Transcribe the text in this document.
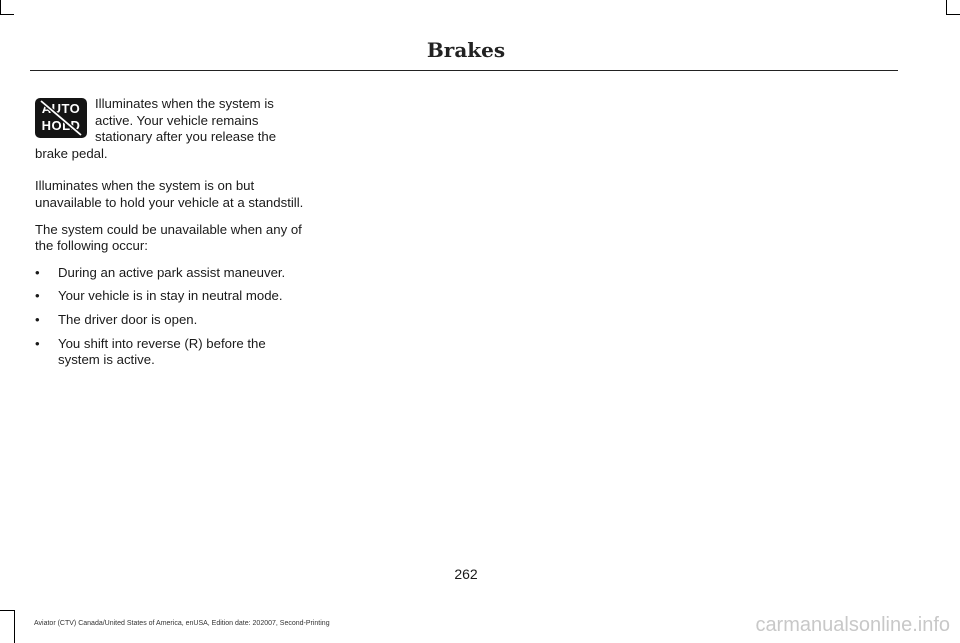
Brakes
AUTO
HOLD

Illuminates when the system is active. Your vehicle remains stationary after you release the brake pedal.

Illuminates when the system is on but unavailable to hold your vehicle at a standstill.

The system could be unavailable when any of the following occur:

• During an active park assist maneuver.
• Your vehicle is in stay in neutral mode.
• The driver door is open.
• You shift into reverse (R) before the system is active.
262
Aviator (CTV) Canada/United States of America, enUSA, Edition date: 202007, Second-Printing	carmanualsonline.info
